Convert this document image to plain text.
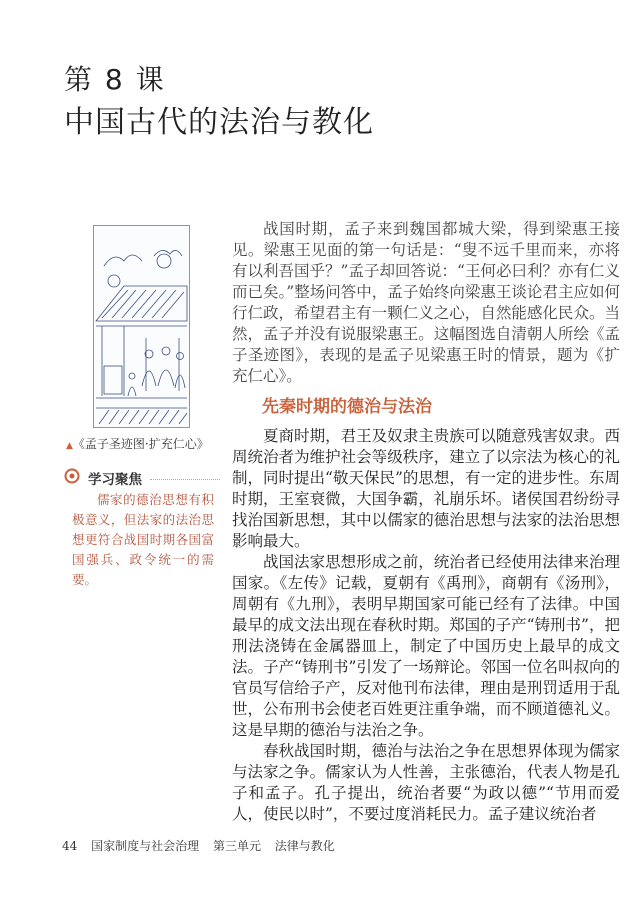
第 8 课
中国古代的法治与教化
▲《孟子圣迹图·扩充仁心》
学习聚焦
儒家的德治思想有积极意义，但法家的法治思想更符合战国时期各国富国强兵、政令统一的需要。

战国时期，孟子来到魏国都城大梁，得到梁惠王接见。梁惠王见面的第一句话是：“叟不远千里而来，亦将有以利吾国乎？”孟子却回答说：“王何必曰利？亦有仁义而已矣。”整场问答中，孟子始终向梁惠王谈论君主应如何行仁政，希望君主有一颗仁义之心，自然能感化民众。当然，孟子并没有说服梁惠王。这幅图选自清朝人所绘《孟子圣迹图》，表现的是孟子见梁惠王时的情景，题为《扩充仁心》。

先秦时期的德治与法治

夏商时期，君王及奴隶主贵族可以随意残害奴隶。西周统治者为维护社会等级秩序，建立了以宗法为核心的礼制，同时提出“敬天保民”的思想，有一定的进步性。东周时期，王室衰微，大国争霸，礼崩乐坏。诸侯国君纷纷寻找治国新思想，其中以儒家的德治思想与法家的法治思想影响最大。

战国法家思想形成之前，统治者已经使用法律来治理国家。《左传》记载，夏朝有《禹刑》，商朝有《汤刑》，周朝有《九刑》，表明早期国家可能已经有了法律。中国最早的成文法出现在春秋时期。郑国的子产“铸刑书”，把刑法浇铸在金属器皿上，制定了中国历史上最早的成文法。子产“铸刑书”引发了一场辩论。邻国一位名叫叔向的官员写信给子产，反对他刊布法律，理由是刑罚适用于乱世，公布刑书会使老百姓更注重争端，而不顾道德礼义。这是早期的德治与法治之争。

春秋战国时期，德治与法治之争在思想界体现为儒家与法家之争。儒家认为人性善，主张德治，代表人物是孔子和孟子。孔子提出，统治者要“为政以德”“节用而爱人，使民以时”，不要过度消耗民力。孟子建议统治者

44 国家制度与社会治理 第三单元 法律与教化
